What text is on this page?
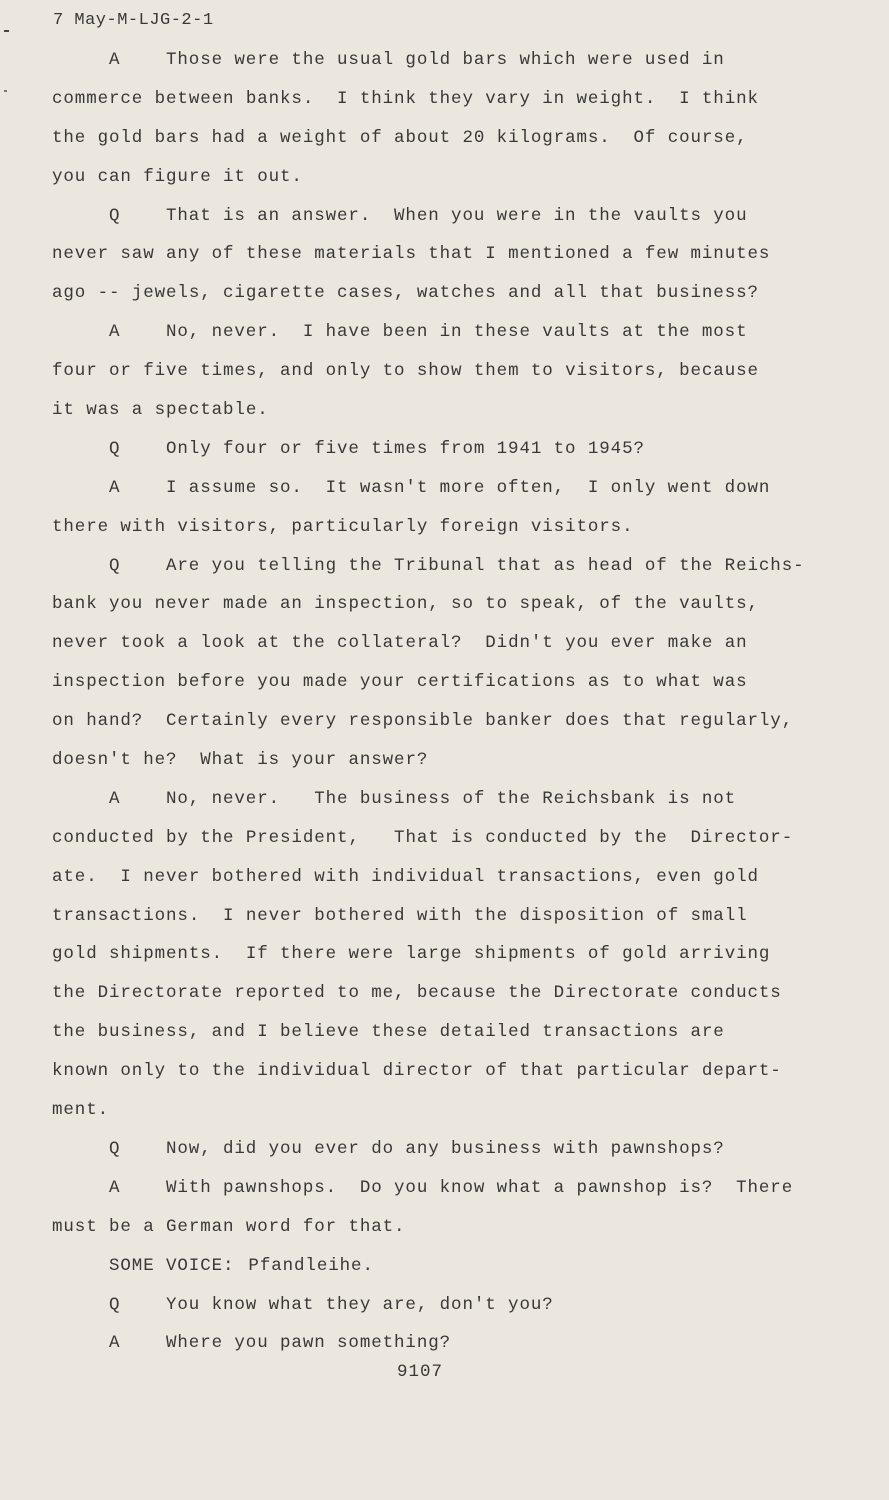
7 May-M-LJG-2-1
A	Those were the usual gold bars which were used in
commerce between banks.  I think they vary in weight.  I think
the gold bars had a weight of about 20 kilograms.  Of course,
you can figure it out.
Q	That is an answer.  When you were in the vaults you
never saw any of these materials that I mentioned a few minutes
ago -- jewels, cigarette cases, watches and all that business?
A	No, never.  I have been in these vaults at the most
four or five times, and only to show them to visitors, because
it was a spectable.
Q	Only four or five times from 1941 to 1945?
A	I assume so.  It wasn't more often,  I only went down
there with visitors, particularly foreign visitors.
Q	Are you telling the Tribunal that as head of the Reichs-
bank you never made an inspection, so to speak, of the vaults,
never took a look at the collateral?  Didn't you ever make an
inspection before you made your certifications as to what was
on hand?  Certainly every responsible banker does that regularly,
doesn't he?  What is your answer?
A	No, never.   The business of the Reichsbank is not
conducted by the President,   That is conducted by the  Director-
ate.  I never bothered with individual transactions, even gold
transactions.  I never bothered with the disposition of small
gold shipments.  If there were large shipments of gold arriving
the Directorate reported to me, because the Directorate conducts
the business, and I believe these detailed transactions are
known only to the individual director of that particular depart-
ment.
Q	Now, did you ever do any business with pawnshops?
A	With pawnshops.  Do you know what a pawnshop is?  There
must be a German word for that.
SOME VOICE: Pfandleihe.
Q	You know what they are, don't you?
A	Where you pawn something?
9107
